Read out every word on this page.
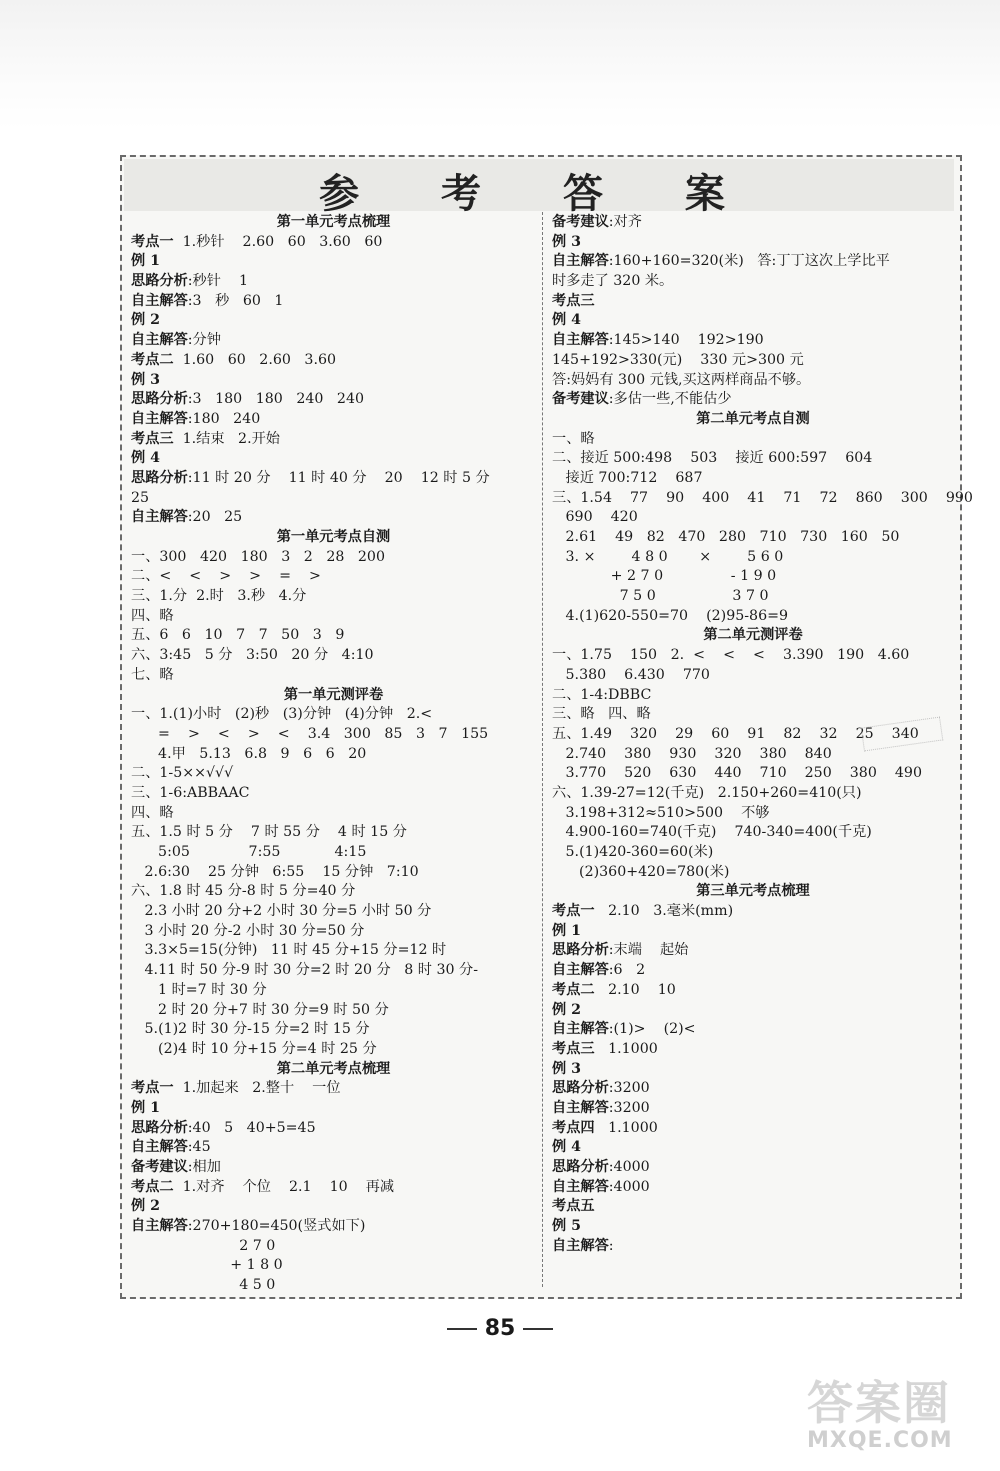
参 考 答 案
第一单元考点梳理
考点一  1.秒针    2.60   60   3.60   60
例 1
思路分析:秒针    1
自主解答:3   秒   60   1
例 2
自主解答:分钟
考点二  1.60   60   2.60   3.60
例 3
思路分析:3   180   180   240   240
自主解答:180   240
考点三  1.结束   2.开始
例 4
思路分析:11 时 20 分    11 时 40 分    20    12 时 5 分
25
自主解答:20   25
第一单元考点自测
一、300   420   180   3   2   28   200
二、<    <    >    >    =    >
三、1.分  2.时   3.秒   4.分
四、略
五、6   6   10   7   7   50   3   9
六、3:45   5 分   3:50   20 分   4:10
七、略
第一单元测评卷
一、1.(1)小时   (2)秒   (3)分钟   (4)分钟   2.<
=    >    <    >    <    3.4   300   85   3   7   155
4.甲   5.13   6.8   9   6   6   20
二、1-5××√√√
三、1-6:ABBAAC
四、略
五、1.5 时 5 分    7 时 55 分    4 时 15 分
5:05             7:55            4:15
2.6:30    25 分钟   6:55    15 分钟   7:10
六、1.8 时 45 分-8 时 5 分=40 分
2.3 小时 20 分+2 小时 30 分=5 小时 50 分
3 小时 20 分-2 小时 30 分=50 分
3.3×5=15(分钟)   11 时 45 分+15 分=12 时
4.11 时 50 分-9 时 30 分=2 时 20 分   8 时 30 分-
1 时=7 时 30 分
2 时 20 分+7 时 30 分=9 时 50 分
5.(1)2 时 30 分-15 分=2 时 15 分
(2)4 时 10 分+15 分=4 时 25 分
第二单元考点梳理
考点一  1.加起来   2.整十    一位
例 1
思路分析:40   5   40+5=45
自主解答:45
备考建议:相加
考点二  1.对齐    个位    2.1    10    再减
例 2
自主解答:270+180=450(竖式如下)
2 7 0
+ 1 8 0
4 5 0
备考建议:对齐
例 3
自主解答:160+160=320(米)   答:丁丁这次上学比平
时多走了 320 米。
考点三
例 4
自主解答:145>140    192>190
145+192>330(元)    330 元>300 元
答:妈妈有 300 元钱,买这两样商品不够。
备考建议:多估一些,不能估少
第二单元考点自测
一、略
二、接近 500:498    503    接近 600:597    604
接近 700:712    687
三、1.54    77    90    400    41    71    72    860    300    990
690    420
2.61    49   82   470   280   710   730   160   50
3. ×        4 8 0       ×        5 6 0
+ 2 7 0               - 1 9 0
7 5 0                 3 7 0
4.(1)620-550=70    (2)95-86=9
第二单元测评卷
一、1.75    150   2.  <    <    <    3.390   190   4.60
5.380    6.430    770
二、1-4:DBBC
三、略   四、略
五、1.49    320    29    60    91    82    32    25    340
2.740    380    930    320    380    840
3.770    520    630    440    710    250    380    490
六、1.39-27=12(千克)   2.150+260=410(只)
3.198+312≈510>500    不够
4.900-160=740(千克)    740-340=400(千克)
5.(1)420-360=60(米)
(2)360+420=780(米)
第三单元考点梳理
考点一   2.10   3.毫米(mm)
例 1
思路分析:末端    起始
自主解答:6   2
考点二   2.10    10
例 2
自主解答:(1)>    (2)<
考点三   1.1000
例 3
思路分析:3200
自主解答:3200
考点四   1.1000
例 4
思路分析:4000
自主解答:4000
考点五
例 5
自主解答:
85
答案圈
MXQE.COM
